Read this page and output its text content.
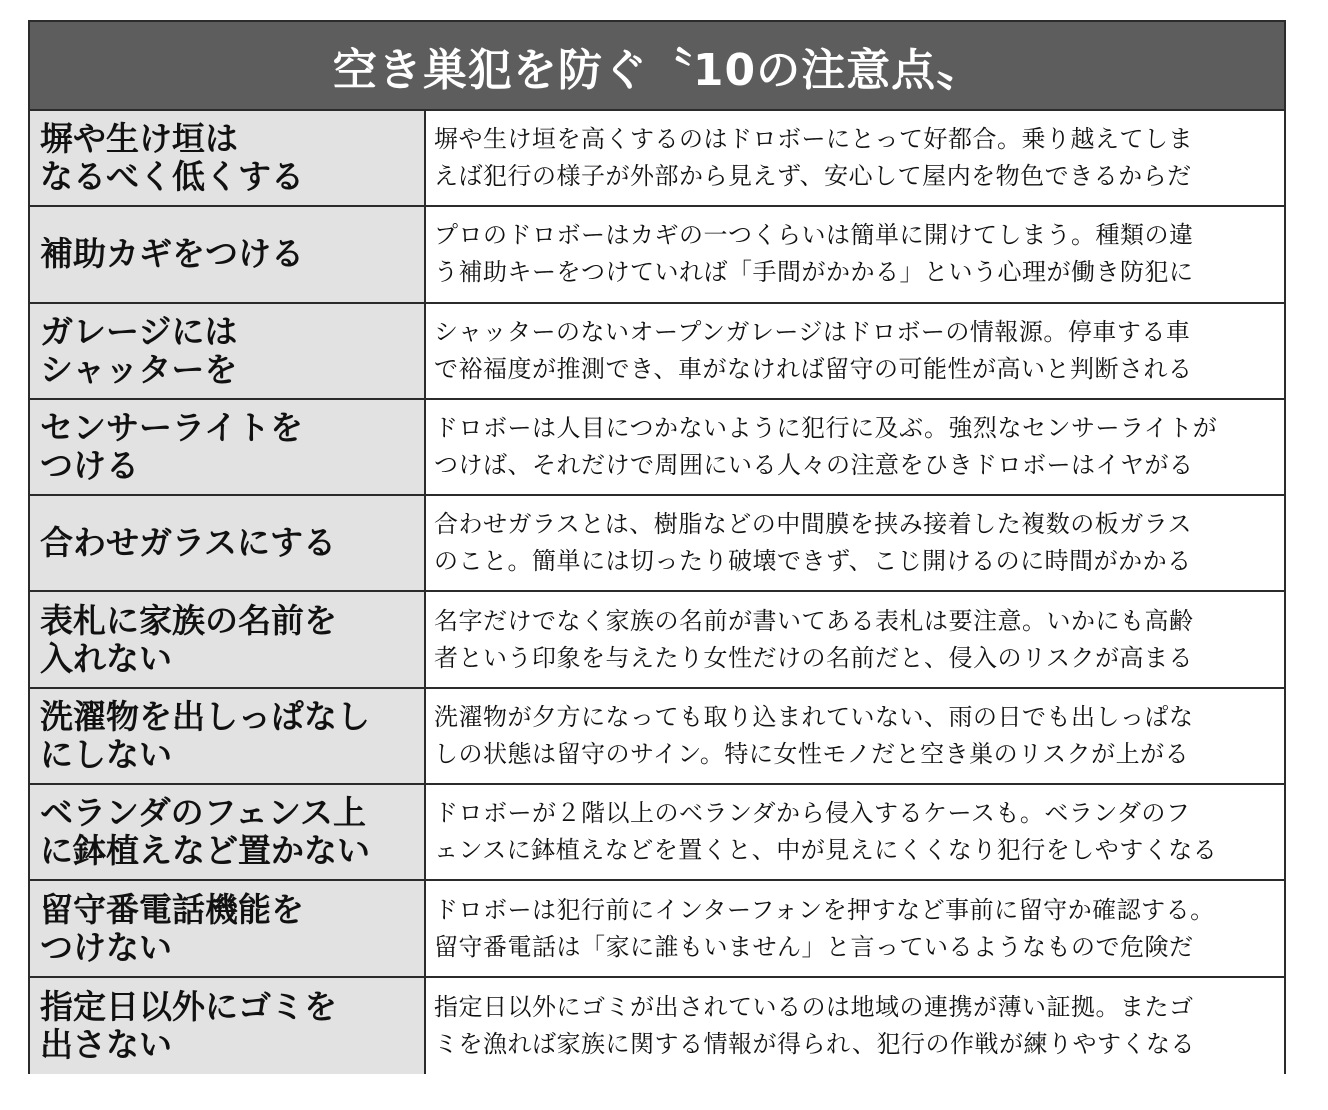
空き巣犯を防ぐ〝10の注意点〟
塀や生け垣は
なるべく低くする
塀や生け垣を高くするのはドロボーにとって好都合。乗り越えてしま
えば犯行の様子が外部から見えず、安心して屋内を物色できるからだ
補助カギをつける	プロのドロボーはカギの一つくらいは簡単に開けてしまう。種類の違
う補助キーをつけていれば「手間がかかる」という心理が働き防犯に
ガレージには
シャッターを
シャッターのないオープンガレージはドロボーの情報源。停車する車
で裕福度が推測でき、車がなければ留守の可能性が高いと判断される
センサーライトを
つける
ドロボーは人目につかないように犯行に及ぶ。強烈なセンサーライトが
つけば、それだけで周囲にいる人々の注意をひきドロボーはイヤがる
合わせガラスにする	合わせガラスとは、樹脂などの中間膜を挟み接着した複数の板ガラス
のこと。簡単には切ったり破壊できず、こじ開けるのに時間がかかる
表札に家族の名前を
入れない
名字だけでなく家族の名前が書いてある表札は要注意。いかにも高齢
者という印象を与えたり女性だけの名前だと、侵入のリスクが高まる
洗濯物を出しっぱなし
にしない
洗濯物が夕方になっても取り込まれていない、雨の日でも出しっぱな
しの状態は留守のサイン。特に女性モノだと空き巣のリスクが上がる
ベランダのフェンス上
に鉢植えなど置かない
ドロボーが２階以上のベランダから侵入するケースも。ベランダのフ
ェンスに鉢植えなどを置くと、中が見えにくくなり犯行をしやすくなる
留守番電話機能を
つけない
ドロボーは犯行前にインターフォンを押すなど事前に留守か確認する。
留守番電話は「家に誰もいません」と言っているようなもので危険だ
指定日以外にゴミを
出さない
指定日以外にゴミが出されているのは地域の連携が薄い証拠。またゴ
ミを漁れば家族に関する情報が得られ、犯行の作戦が練りやすくなる
